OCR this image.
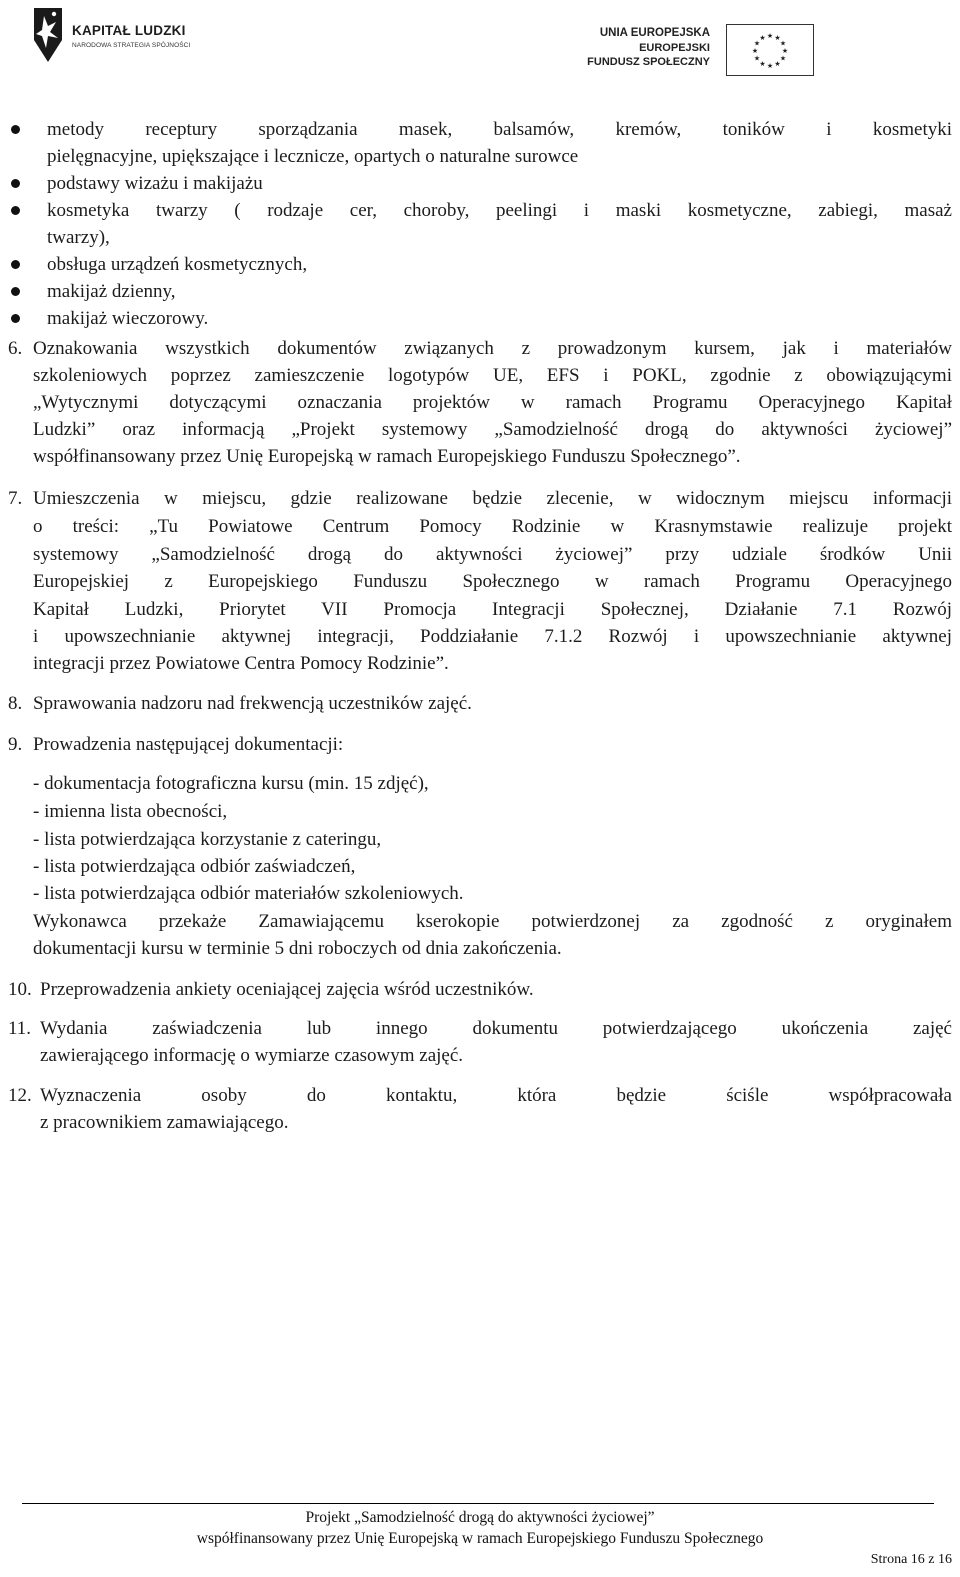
KAPITAŁ LUDZKI
NARODOWA STRATEGIA SPÓJNOŚCI
UNIA EUROPEJSKA
EUROPEJSKI
FUNDUSZ SPOŁECZNY
★ ★
★
★
★
★
★
★
★
★
★
★
metody receptury sporządzania masek, balsamów, kremów, toników i kosmetyki
pielęgnacyjne, upiększające i lecznicze, opartych o naturalne surowce
podstawy wizażu i makijażu
kosmetyka twarzy ( rodzaje cer, choroby, peelingi i maski kosmetyczne, zabiegi, masaż
twarzy),
obsługa urządzeń kosmetycznych,
makijaż dzienny,
makijaż wieczorowy.
6. Oznakowania wszystkich dokumentów związanych z prowadzonym kursem, jak i materiałów
szkoleniowych poprzez zamieszczenie logotypów UE, EFS i POKL, zgodnie z obowiązującymi
„Wytycznymi dotyczącymi oznaczania projektów w ramach Programu Operacyjnego Kapitał
Ludzki” oraz informacją „Projekt systemowy „Samodzielność drogą do aktywności życiowej”
współfinansowany przez Unię Europejską w ramach Europejskiego Funduszu Społecznego”.
7. Umieszczenia w miejscu, gdzie realizowane będzie zlecenie, w widocznym miejscu informacji
o treści: „Tu Powiatowe Centrum Pomocy Rodzinie w Krasnymstawie realizuje projekt
systemowy „Samodzielność drogą do aktywności życiowej” przy udziale środków Unii
Europejskiej z Europejskiego Funduszu Społecznego w ramach Programu Operacyjnego
Kapitał Ludzki, Priorytet VII Promocja Integracji Społecznej, Działanie 7.1 Rozwój
i upowszechnianie aktywnej integracji, Poddziałanie 7.1.2 Rozwój i upowszechnianie aktywnej
integracji przez Powiatowe Centra Pomocy Rodzinie”.
8. Sprawowania nadzoru nad frekwencją uczestników zajęć.
9. Prowadzenia następującej dokumentacji:
- dokumentacja fotograficzna kursu (min. 15 zdjęć),
- imienna lista obecności,
- lista potwierdzająca korzystanie z cateringu,
- lista potwierdzająca odbiór zaświadczeń,
- lista potwierdzająca odbiór materiałów szkoleniowych.
Wykonawca przekaże Zamawiającemu kserokopie potwierdzonej za zgodność z oryginałem
dokumentacji kursu w terminie 5 dni roboczych od dnia zakończenia.
10. Przeprowadzenia ankiety oceniającej zajęcia wśród uczestników.
11. Wydania zaświadczenia lub innego dokumentu potwierdzającego ukończenia zajęć
zawierającego informację o wymiarze czasowym zajęć.
12. Wyznaczenia osoby do kontaktu, która będzie ściśle współpracowała
z pracownikiem zamawiającego.
Projekt „Samodzielność drogą do aktywności życiowej”
współfinansowany przez Unię Europejską w ramach Europejskiego Funduszu Społecznego
Strona 16 z 16
